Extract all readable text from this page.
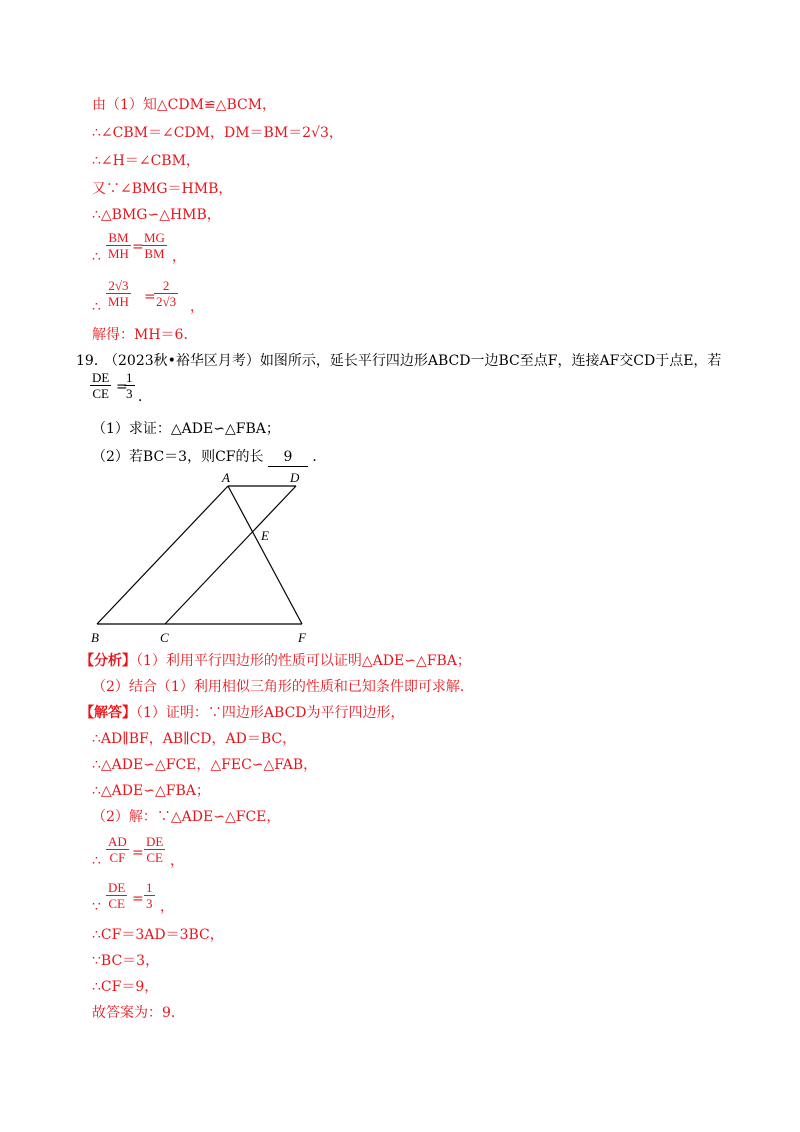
由（1）知△CDM≌△BCM，
∴∠CBM＝∠CDM，DM＝BM＝2√3，
∴∠H＝∠CBM，
又∵∠BMG＝HMB，
∴△BMG∽△HMB，
∴ $\frac{BM}{MH}$ =
$\frac{MG}{BM}$ ，
∴ $\frac{2√3}{MH}$ =
$\frac{2}{2√3}$ ，
解得：MH＝6．
19．
（2023秋•裕华区月考）如图所示，延长平行四边形ABCD一边BC至点F，连接AF交CD于点E，若
$\frac{DE}{CE}$ =
$\frac{1}{3}$ ．
（1）求证：△ADE∽△FBA；
（2）若BC＝3，则CF的长 9 ．
A	D
E
B	C	F
【分析】（1）利用平行四边形的性质可以证明△ADE∽△FBA；
（2）结合（1）利用相似三角形的性质和已知条件即可求解．
【解答】（1）证明：∵四边形ABCD为平行四边形，
∴AD∥BF，AB∥CD，AD＝BC，
∴△ADE∽△FCE，△FEC∽△FAB，
∴△ADE∽△FBA；
（2）解：∵△ADE∽△FCE，
∴ $\frac{AD}{CF} = \frac{DE}{CE}$ ，
∵ $\frac{DE}{CE} = \frac{1}{3}$ ，
∴CF＝3AD＝3BC，
∵BC＝3，
∴CF＝9，
故答案为：9．
